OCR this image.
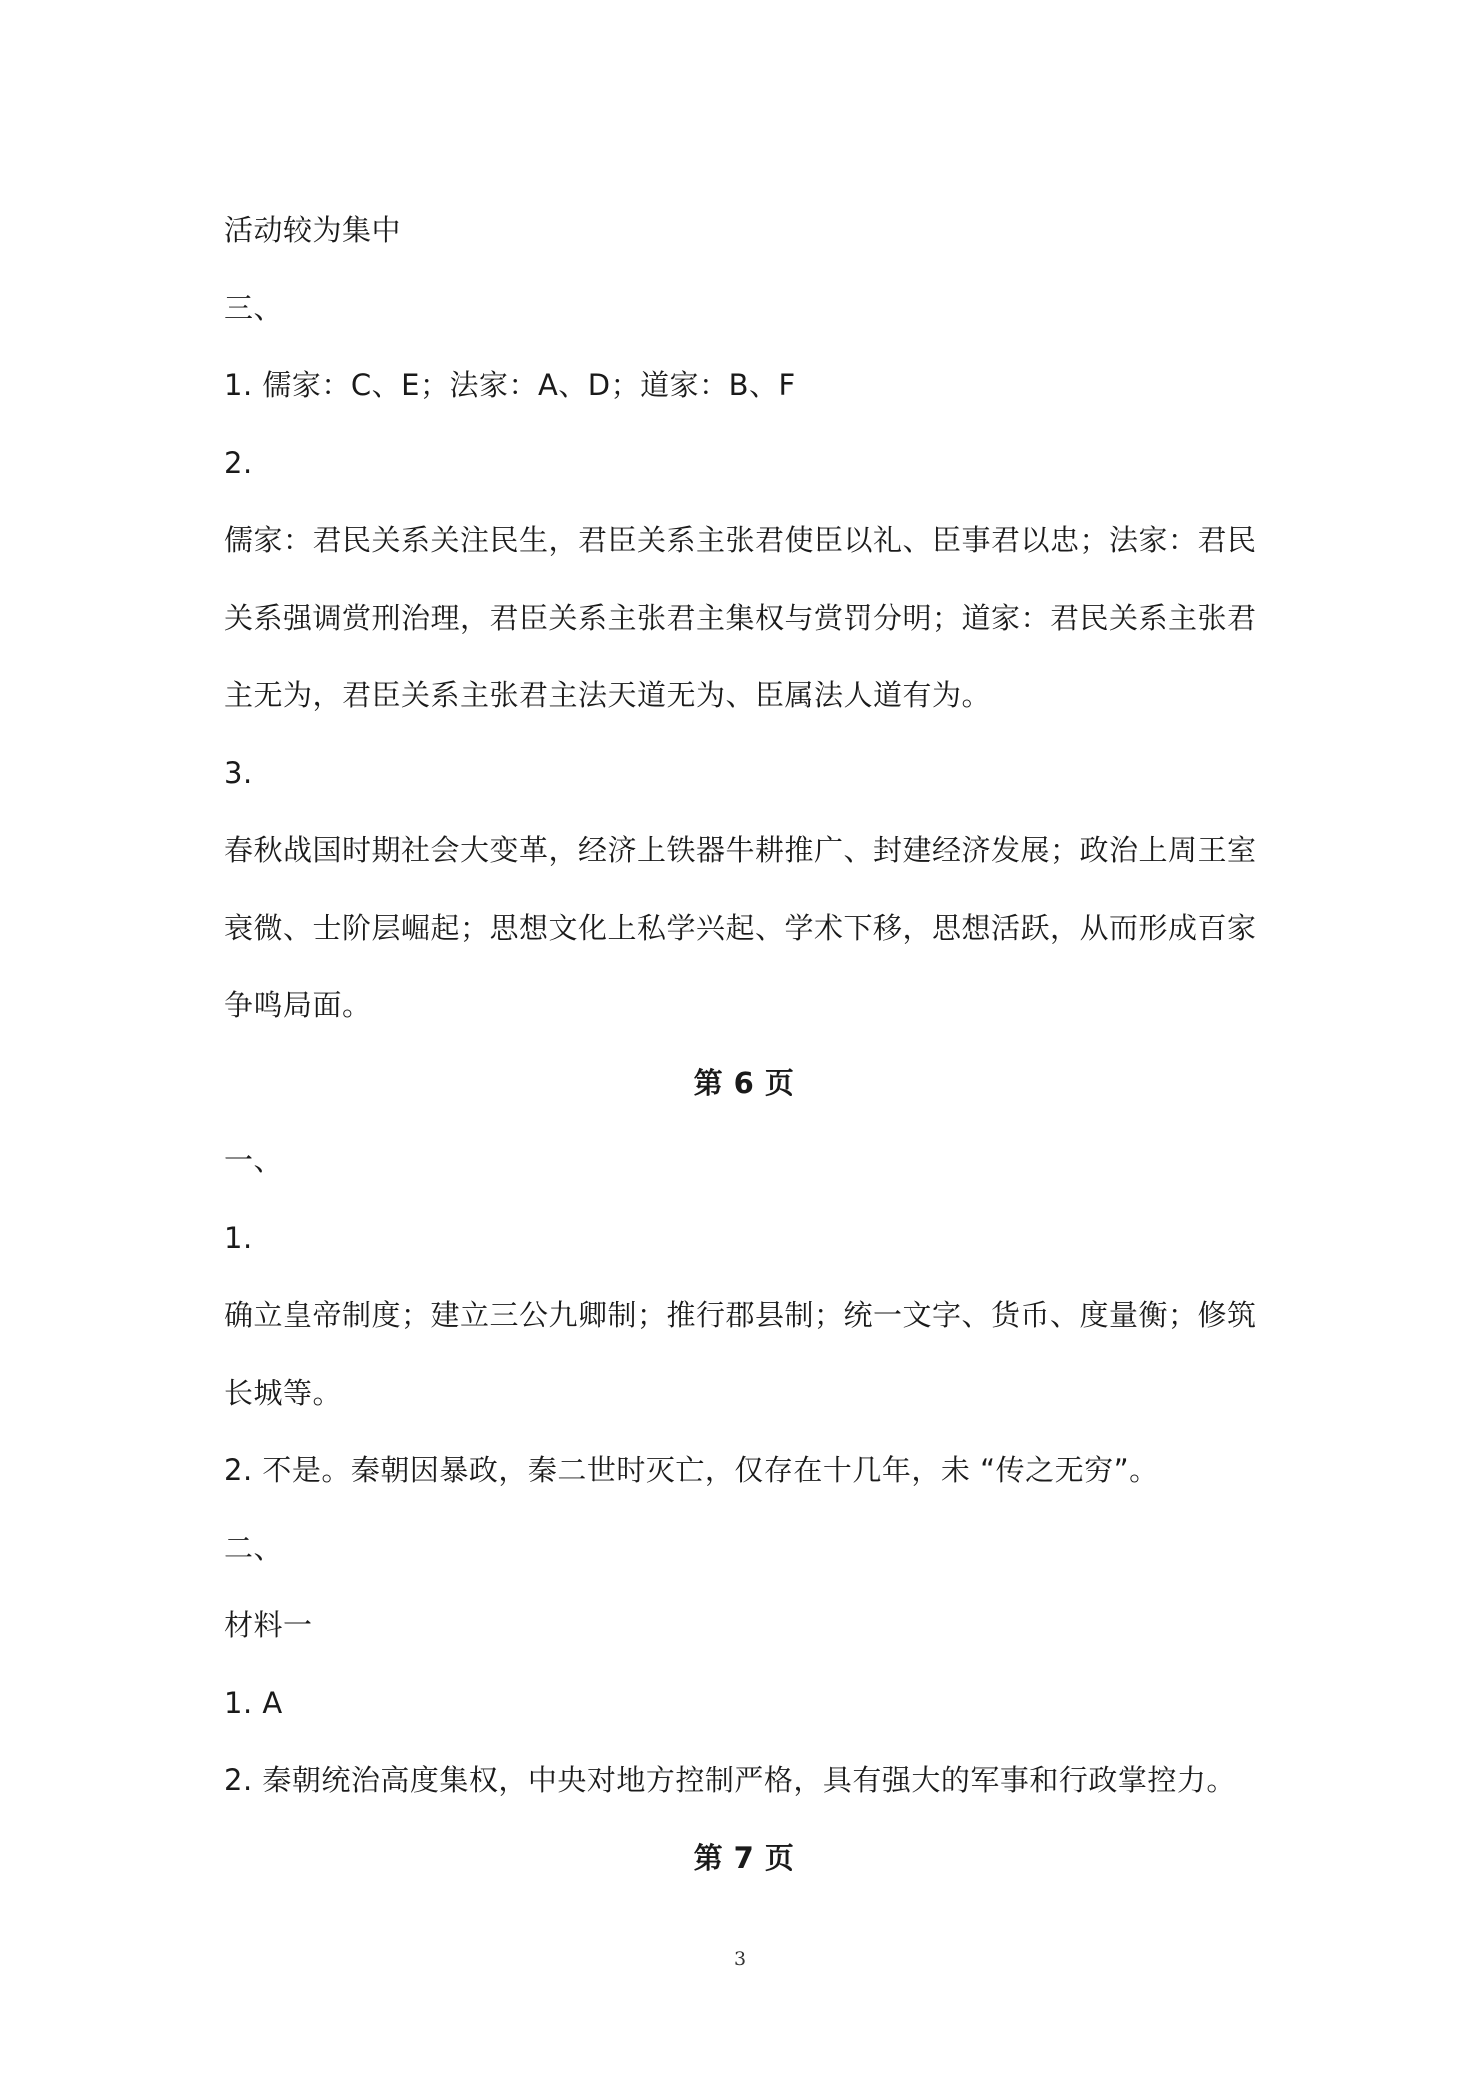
活动较为集中
三、
1. 儒家：C、E；法家：A、D；道家：B、F
2.
儒家：君民关系关注民生，君臣关系主张君使臣以礼、臣事君以忠；法家：君民
关系强调赏刑治理，君臣关系主张君主集权与赏罚分明；道家：君民关系主张君
主无为，君臣关系主张君主法天道无为、臣属法人道有为。
3.
春秋战国时期社会大变革，经济上铁器牛耕推广、封建经济发展；政治上周王室
衰微、士阶层崛起；思想文化上私学兴起、学术下移，思想活跃，从而形成百家
争鸣局面。
第 6 页
一、
1.
确立皇帝制度；建立三公九卿制；推行郡县制；统一文字、货币、度量衡；修筑
长城等。
2. 不是。秦朝因暴政，秦二世时灭亡，仅存在十几年，未 “传之无穷”。
二、
材料一
1. A
2. 秦朝统治高度集权，中央对地方控制严格，具有强大的军事和行政掌控力。
第 7 页
3
